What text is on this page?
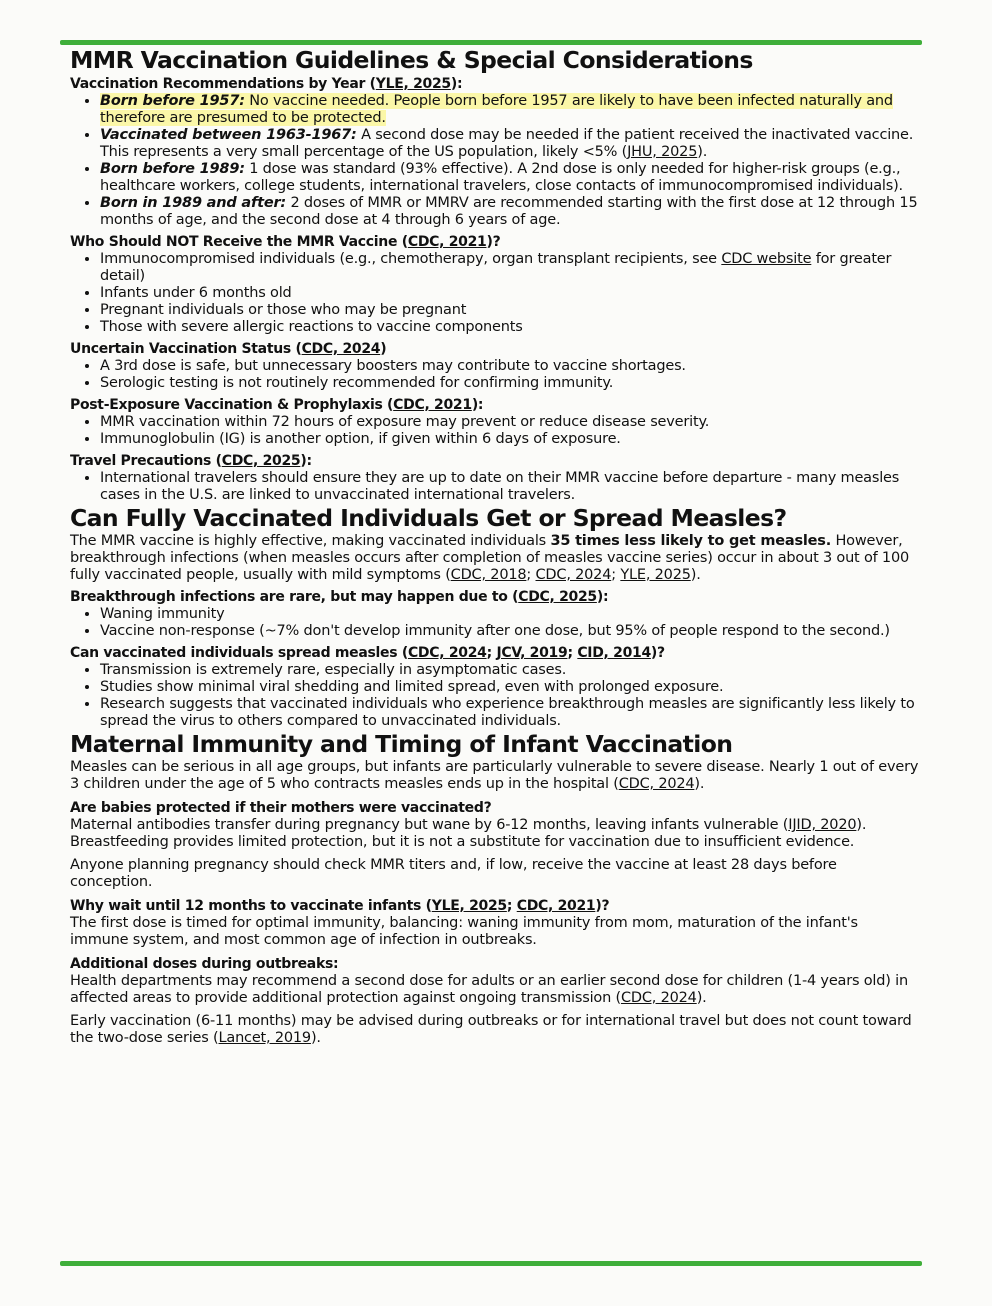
MMR Vaccination Guidelines & Special Considerations
Vaccination Recommendations by Year (YLE, 2025):
• Born before 1957: No vaccine needed. People born before 1957 are likely to have been infected naturally and therefore are presumed to be protected.
• Vaccinated between 1963-1967: A second dose may be needed if the patient received the inactivated vaccine. This represents a very small percentage of the US population, likely <5% (JHU, 2025).
• Born before 1989: 1 dose was standard (93% effective). A 2nd dose is only needed for higher-risk groups (e.g., healthcare workers, college students, international travelers, close contacts of immunocompromised individuals).
• Born in 1989 and after: 2 doses of MMR or MMRV are recommended starting with the first dose at 12 through 15 months of age, and the second dose at 4 through 6 years of age.
Who Should NOT Receive the MMR Vaccine (CDC, 2021)?
• Immunocompromised individuals (e.g., chemotherapy, organ transplant recipients, see CDC website for greater detail)
• Infants under 6 months old
• Pregnant individuals or those who may be pregnant
• Those with severe allergic reactions to vaccine components
Uncertain Vaccination Status (CDC, 2024)
• A 3rd dose is safe, but unnecessary boosters may contribute to vaccine shortages.
• Serologic testing is not routinely recommended for confirming immunity.
Post-Exposure Vaccination & Prophylaxis (CDC, 2021):
• MMR vaccination within 72 hours of exposure may prevent or reduce disease severity.
• Immunoglobulin (IG) is another option, if given within 6 days of exposure.
Travel Precautions (CDC, 2025):
• International travelers should ensure they are up to date on their MMR vaccine before departure - many measles cases in the U.S. are linked to unvaccinated international travelers.
Can Fully Vaccinated Individuals Get or Spread Measles?

The MMR vaccine is highly effective, making vaccinated individuals 35 times less likely to get measles. However, breakthrough infections (when measles occurs after completion of measles vaccine series) occur in about 3 out of 100 fully vaccinated people, usually with mild symptoms (CDC, 2018; CDC, 2024; YLE, 2025).

Breakthrough infections are rare, but may happen due to (CDC, 2025):
• Waning immunity
• Vaccine non-response (~7% don't develop immunity after one dose, but 95% of people respond to the second.)
Can vaccinated individuals spread measles (CDC, 2024; JCV, 2019; CID, 2014)?
• Transmission is extremely rare, especially in asymptomatic cases.
• Studies show minimal viral shedding and limited spread, even with prolonged exposure.
• Research suggests that vaccinated individuals who experience breakthrough measles are significantly less likely to spread the virus to others compared to unvaccinated individuals.
Maternal Immunity and Timing of Infant Vaccination

Measles can be serious in all age groups, but infants are particularly vulnerable to severe disease. Nearly 1 out of every 3 children under the age of 5 who contracts measles ends up in the hospital (CDC, 2024).

Are babies protected if their mothers were vaccinated?

Maternal antibodies transfer during pregnancy but wane by 6-12 months, leaving infants vulnerable (IJID, 2020). Breastfeeding provides limited protection, but it is not a substitute for vaccination due to insufficient evidence.

Anyone planning pregnancy should check MMR titers and, if low, receive the vaccine at least 28 days before conception.

Why wait until 12 months to vaccinate infants (YLE, 2025; CDC, 2021)?

The first dose is timed for optimal immunity, balancing: waning immunity from mom, maturation of the infant's immune system, and most common age of infection in outbreaks.

Additional doses during outbreaks:

Health departments may recommend a second dose for adults or an earlier second dose for children (1-4 years old) in affected areas to provide additional protection against ongoing transmission (CDC, 2024).

Early vaccination (6-11 months) may be advised during outbreaks or for international travel but does not count toward the two-dose series (Lancet, 2019).
